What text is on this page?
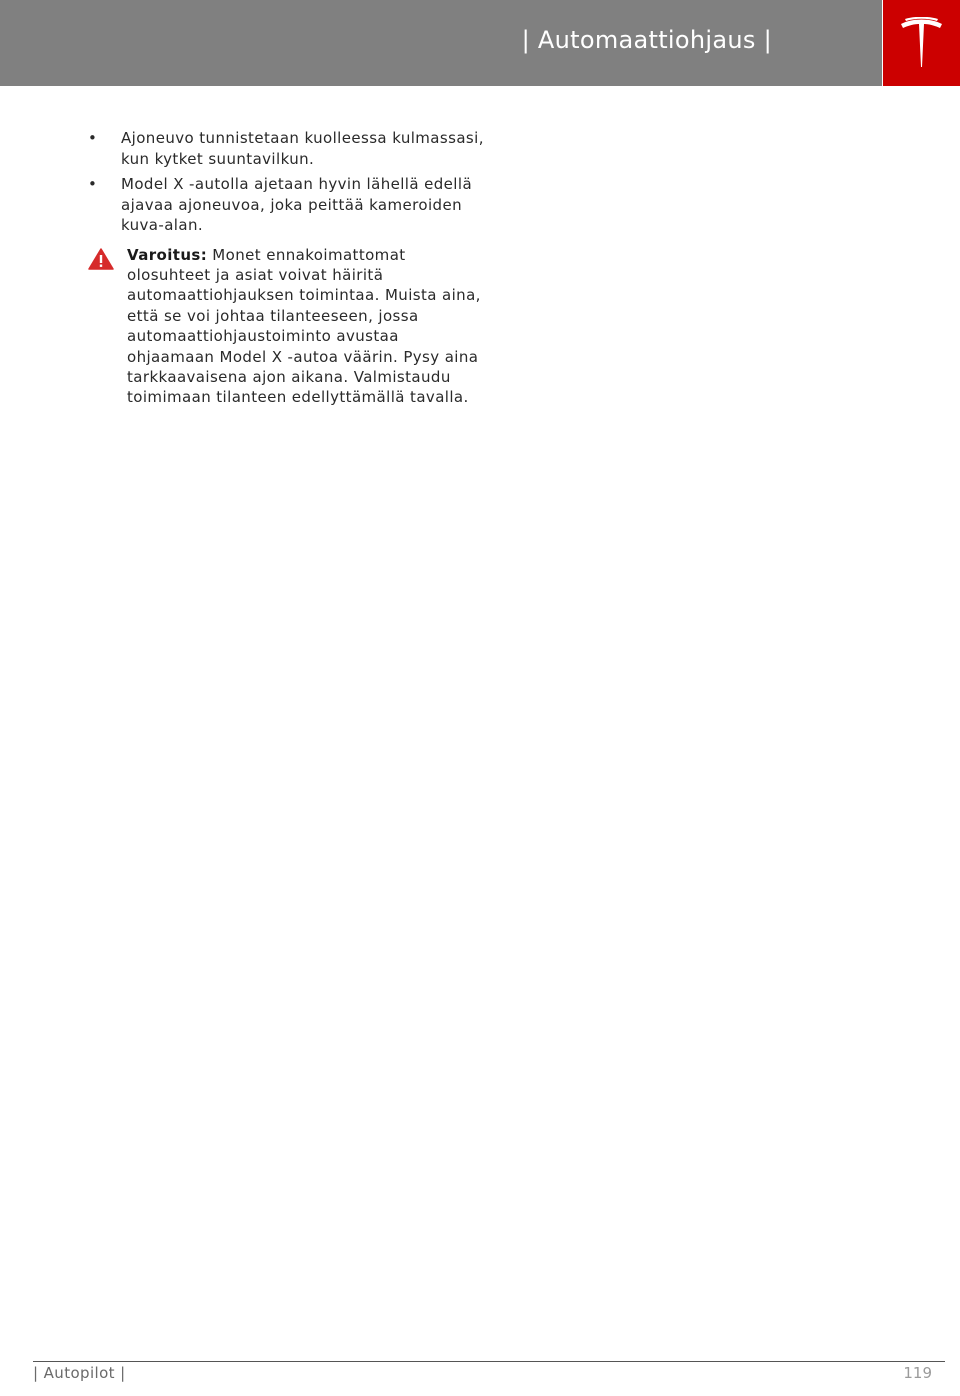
| Automaattiohjaus |
• Ajoneuvo tunnistetaan kuolleessa kulmassasi, kun kytket suuntavilkun.
• Model X -autolla ajetaan hyvin lähellä edellä ajavaa ajoneuvoa, joka peittää kameroiden kuva-alan.
Varoitus: Monet ennakoimattomat olosuhteet ja asiat voivat häiritä automaattiohjauksen toimintaa. Muista aina, että se voi johtaa tilanteeseen, jossa automaattiohjaustoiminto avustaa ohjaamaan Model X -autoa väärin. Pysy aina tarkkaavaisena ajon aikana. Valmistaudu toimimaan tilanteen edellyttämällä tavalla.
| Autopilot |	119
